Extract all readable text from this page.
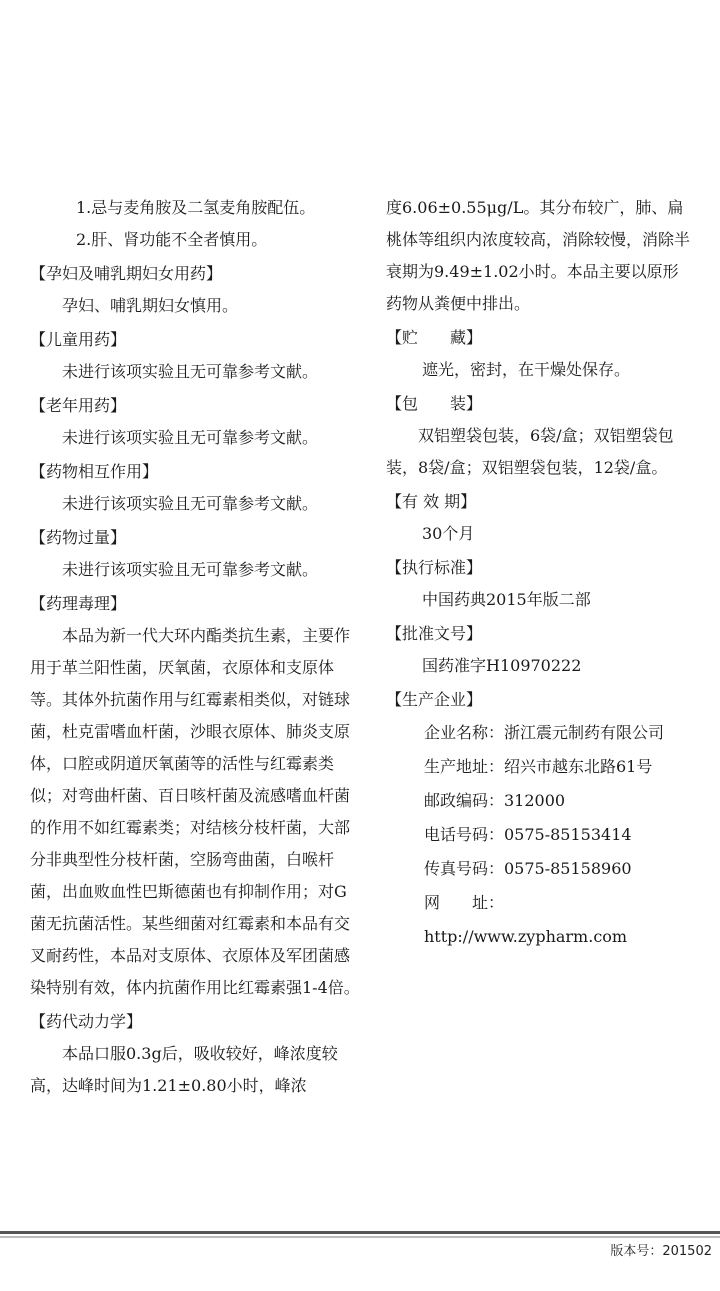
1.忌与麦角胺及二氢麦角胺配伍。

2.肝、肾功能不全者慎用。

【孕妇及哺乳期妇女用药】

孕妇、哺乳期妇女慎用。

【儿童用药】

未进行该项实验且无可靠参考文献。

【老年用药】

未进行该项实验且无可靠参考文献。

【药物相互作用】

未进行该项实验且无可靠参考文献。

【药物过量】

未进行该项实验且无可靠参考文献。

【药理毒理】

本品为新一代大环内酯类抗生素，主要作用于革兰阳性菌，厌氧菌，衣原体和支原体等。其体外抗菌作用与红霉素相类似，对链球菌，杜克雷嗜血杆菌，沙眼衣原体、肺炎支原体，口腔或阴道厌氧菌等的活性与红霉素类似；对弯曲杆菌、百日咳杆菌及流感嗜血杆菌的作用不如红霉素类；对结核分枝杆菌，大部分非典型性分枝杆菌，空肠弯曲菌，白喉杆菌，出血败血性巴斯德菌也有抑制作用；对G菌无抗菌活性。某些细菌对红霉素和本品有交叉耐药性，本品对支原体、衣原体及军团菌感染特别有效，体内抗菌作用比红霉素强1-4倍。

【药代动力学】

本品口服0.3g后，吸收较好，峰浓度较高，达峰时间为1.21±0.80小时，峰浓

度6.06±0.55μg/L。其分布较广，肺、扁桃体等组织内浓度较高，消除较慢，消除半衰期为9.49±1.02小时。本品主要以原形药物从粪便中排出。

【贮　　藏】

遮光，密封，在干燥处保存。

【包　　装】

双铝塑袋包装，6袋/盒；双铝塑袋包装，8袋/盒；双铝塑袋包装，12袋/盒。

【有 效 期】

30个月

【执行标准】

中国药典2015年版二部

【批准文号】

国药准字H10970222

【生产企业】

企业名称：浙江震元制药有限公司

生产地址：绍兴市越东北路61号

邮政编码：312000

电话号码：0575-85153414

传真号码：0575-85158960

网　　址：http://www.zypharm.com

版本号：201502
